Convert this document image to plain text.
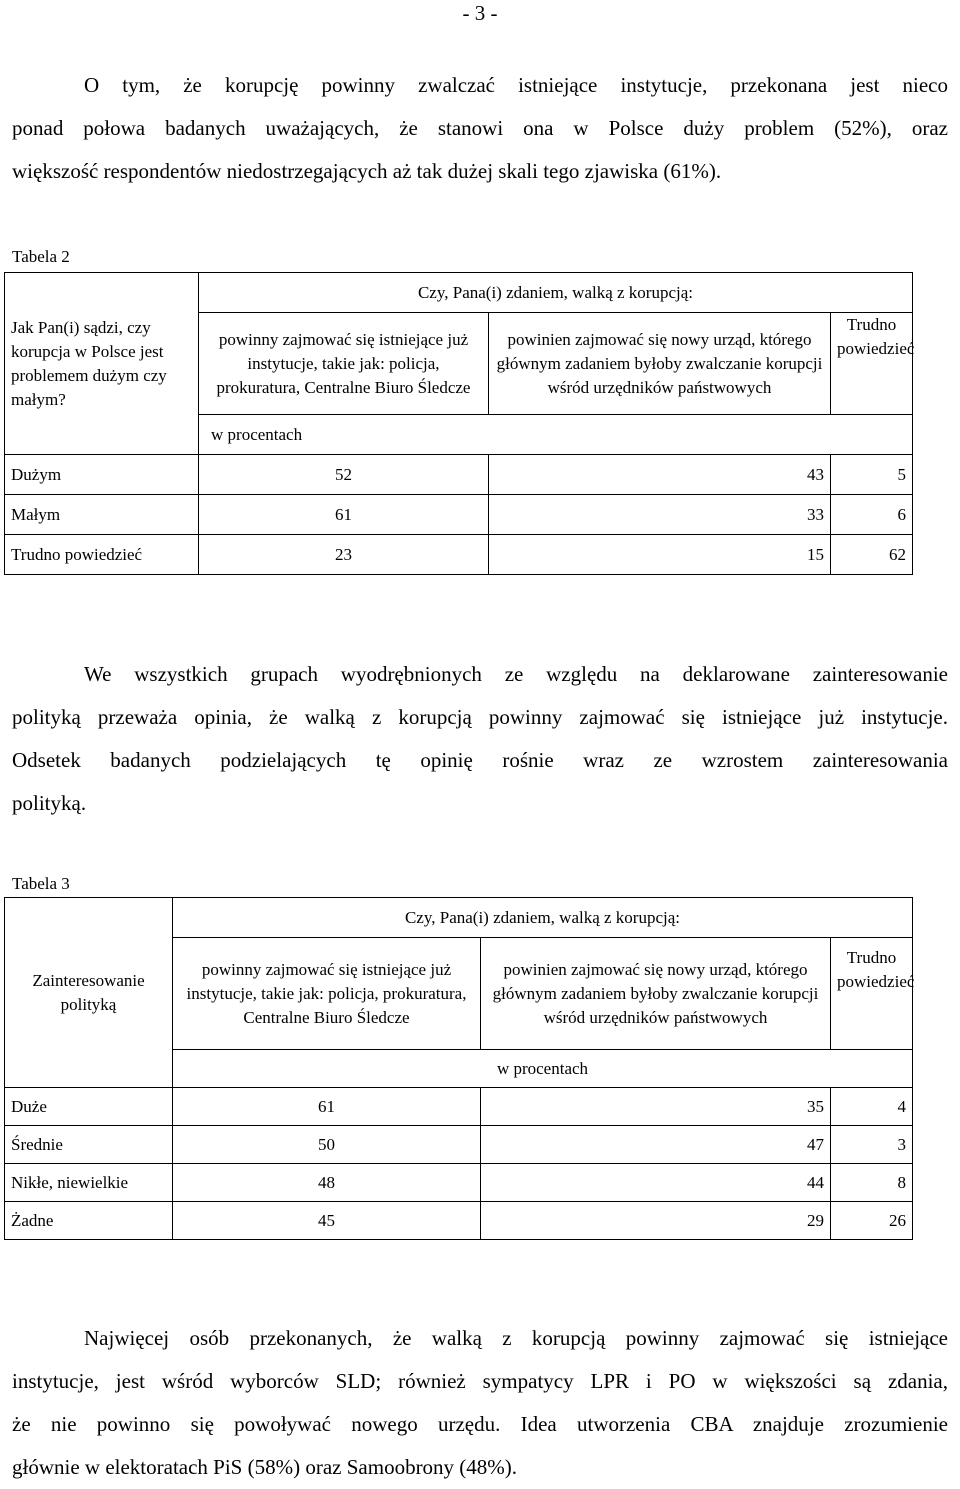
- 3 -
O tym, że korupcję powinny zwalczać istniejące instytucje, przekonana jest nieco
ponad połowa badanych uważających, że stanowi ona w Polsce duży problem (52%), oraz
większość respondentów niedostrzegających aż tak dużej skali tego zjawiska (61%).
Tabela 2
Jak Pan(i) sądzi, czy korupcja w Polsce jest problemem dużym czy małym?	Czy, Pana(i) zdaniem, walką z korupcją:		
	powinny zajmować się istniejące już instytucje, takie jak: policja, prokuratura, Centralne Biuro Śledcze	powinien zajmować się nowy urząd, którego głównym zadaniem byłoby zwalczanie korupcji wśród urzędników państwowych	Trudno powiedzieć
	w procentach		
Dużym	52	43	5
Małym	61	33	6
Trudno powiedzieć	23	15	62
We wszystkich grupach wyodrębnionych ze względu na deklarowane zainteresowanie
polityką przeważa opinia, że walką z korupcją powinny zajmować się istniejące już instytucje.
Odsetek badanych podzielających tę opinię rośnie wraz ze wzrostem zainteresowania
polityką.
Tabela 3
Zainteresowanie polityką	Czy, Pana(i) zdaniem, walką z korupcją:		
	powinny zajmować się istniejące już instytucje, takie jak: policja, prokuratura, Centralne Biuro Śledcze	powinien zajmować się nowy urząd, którego głównym zadaniem byłoby zwalczanie korupcji wśród urzędników państwowych	Trudno powiedzieć
	w procentach		
Duże	61	35	4
Średnie	50	47	3
Nikłe, niewielkie	48	44	8
Żadne	45	29	26
Najwięcej osób przekonanych, że walką z korupcją powinny zajmować się istniejące
instytucje, jest wśród wyborców SLD; również sympatycy LPR i PO w większości są zdania,
że nie powinno się powoływać nowego urzędu. Idea utworzenia CBA znajduje zrozumienie
głównie w elektoratach PiS (58%) oraz Samoobrony (48%).
